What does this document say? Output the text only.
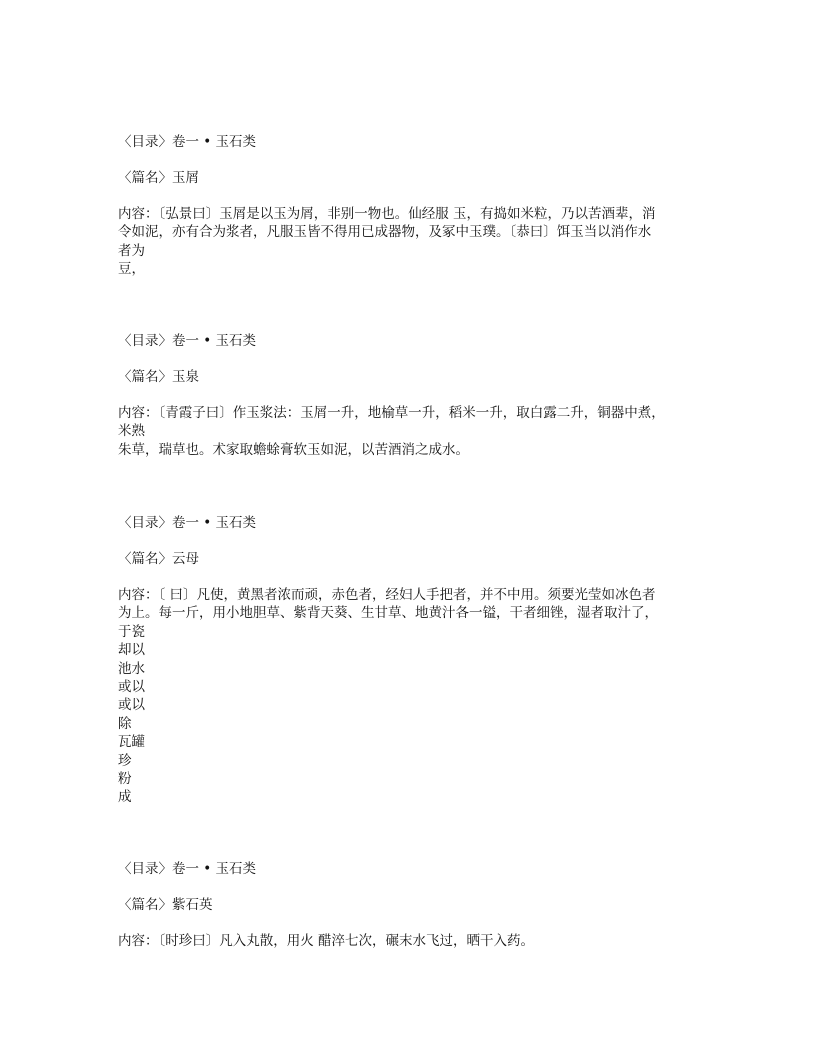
〈目录〉卷一 • 玉石类
〈篇名〉玉屑
内容：〔弘景曰〕玉屑是以玉为屑，非别一物也。仙经服 玉，有捣如米粒，乃以苦酒辈，消
令如泥，亦有合为浆者，凡服玉皆不得用已成器物，及冢中玉璞。〔恭曰〕饵玉当以消作水
者为
豆，
〈目录〉卷一 • 玉石类
〈篇名〉玉泉
内容：〔青霞子曰〕作玉浆法：玉屑一升，地榆草一升，稻米一升，取白露二升，铜器中煮，
米熟
朱草，瑞草也。术家取蟾蜍膏软玉如泥，以苦酒消之成水。
〈目录〉卷一 • 玉石类
〈篇名〉云母
内容：〔 曰〕凡使，黄黑者浓而顽，赤色者，经妇人手把者，并不中用。须要光莹如冰色者
为上。每一斤，用小地胆草、紫背天葵、生甘草、地黄汁各一镒，干者细锉，湿者取汁了，
于瓷
却以
池水
或以
或以
除
瓦罐
珍
粉
成
〈目录〉卷一 • 玉石类
〈篇名〉紫石英
内容：〔时珍曰〕凡入丸散，用火 醋淬七次，碾末水飞过，晒干入药。
